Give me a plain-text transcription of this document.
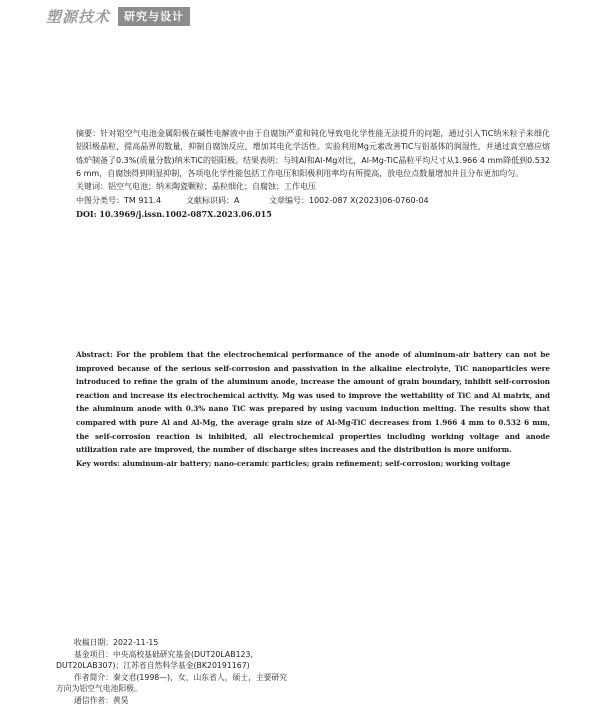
塑源技术	研究与设计

摘要：针对铝空气电池金属阳极在碱性电解液中由于自腐蚀严重和钝化导致电化学性能无法提升的问题，通过引入TiC纳米粒子来细化铝阳极晶粒，提高晶界的数量，抑制自腐蚀反应，增加其电化学活性。实验利用Mg元素改善TiC与铝基体的润湿性，并通过真空感应熔炼炉制备了0.3%(质量分数)纳米TiC的铝阳极。结果表明：与纯Al和Al-Mg对比，Al-Mg-TiC晶粒平均尺寸从1.966 4 mm降低到0.532 6 mm，自腐蚀得到明显抑制，各项电化学性能包括工作电压和阳极利用率均有所提高，放电位点数量增加并且分布更加均匀。

关键词：铝空气电池；纳米陶瓷颗粒；晶粒细化；自腐蚀；工作电压

中图分类号：TM 911.4	文献标识码：A	文章编号：1002-087 X(2023)06-0760-04

DOI: 10.3969/j.issn.1002-087X.2023.06.015

Abstract: For the problem that the electrochemical performance of the anode of aluminum-air battery can not be improved because of the serious self-corrosion and passivation in the alkaline electrolyte, TiC nanoparticles were introduced to refine the grain of the aluminum anode, increase the amount of grain boundary, inhibit self-corrosion reaction and increase its electrochemical activity. Mg was used to improve the wettability of TiC and Al matrix, and the aluminum anode with 0.3% nano TiC was prepared by using vacuum induction melting. The results show that compared with pure Al and Al-Mg, the average grain size of Al-Mg-TiC decreases from 1.966 4 mm to 0.532 6 mm, the self-corrosion reaction is inhibited, all electrochemical properties including working voltage and anode utilization rate are improved, the number of discharge sites increases and the distribution is more uniform.

Key words: aluminum-air battery; nano-ceramic particles; grain refinement; self-corrosion; working voltage

收稿日期：2022-11-15

基金项目：中央高校基础研究基金(DUT20LAB123,

DUT20LAB307)；江苏省自然科学基金(BK20191167)

作者简介：秦文君(1998—)，女，山东省人，硕士，主要研究

方向为铝空气电池阳极。

通信作者：黄昊
